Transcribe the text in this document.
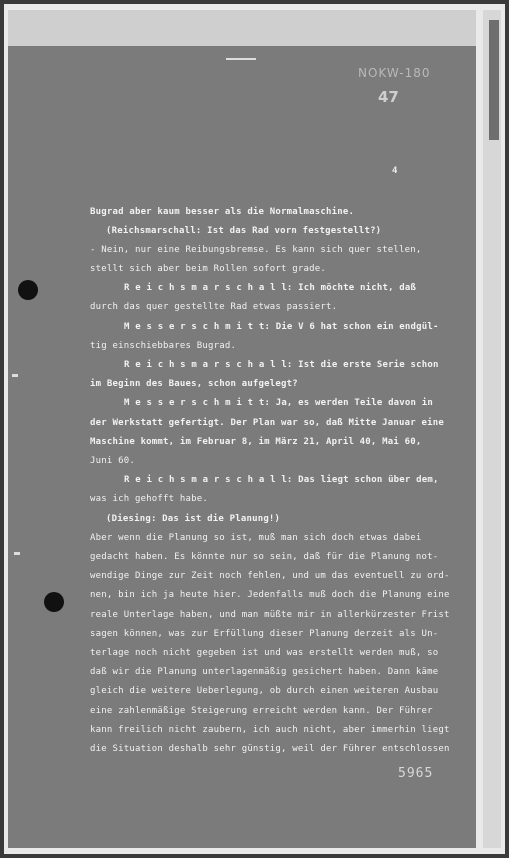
NOKW-180
47
4
Bugrad aber kaum besser als die Normalmaschine.
(Reichsmarschall: Ist das Rad vorn festgestellt?)
- Nein, nur eine Reibungsbremse. Es kann sich quer stellen,
stellt sich aber beim Rollen sofort grade.
R e i c h s m a r s c h a l l: Ich möchte nicht, daß
durch das quer gestellte Rad etwas passiert.
M e s s e r s c h m i t t: Die V 6 hat schon ein endgül-
tig einschiebbares Bugrad.
R e i c h s m a r s c h a l l: Ist die erste Serie schon
im Beginn des Baues, schon aufgelegt?
M e s s e r s c h m i t t: Ja, es werden Teile davon in
der Werkstatt gefertigt. Der Plan war so, daß Mitte Januar eine
Maschine kommt, im Februar 8, im März 21, April 40, Mai 60,
Juni 60.
R e i c h s m a r s c h a l l: Das liegt schon über dem,
was ich gehofft habe.
(Diesing: Das ist die Planung!)
Aber wenn die Planung so ist, muß man sich doch etwas dabei
gedacht haben. Es könnte nur so sein, daß für die Planung not-
wendige Dinge zur Zeit noch fehlen, und um das eventuell zu ord-
nen, bin ich ja heute hier. Jedenfalls muß doch die Planung eine
reale Unterlage haben, und man müßte mir in allerkürzester Frist
sagen können, was zur Erfüllung dieser Planung derzeit als Un-
terlage noch nicht gegeben ist und was erstellt werden muß, so
daß wir die Planung unterlagenmäßig gesichert haben. Dann käme
gleich die weitere Ueberlegung, ob durch einen weiteren Ausbau
eine zahlenmäßige Steigerung erreicht werden kann. Der Führer
kann freilich nicht zaubern, ich auch nicht, aber immerhin liegt
die Situation deshalb sehr günstig, weil der Führer entschlossen
5965
